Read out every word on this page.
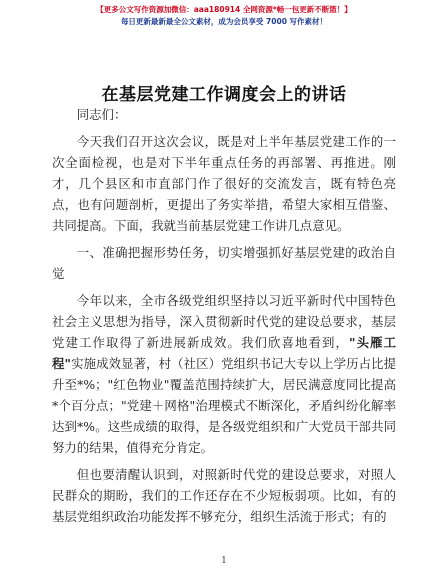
【更多公文写作资源加微信：aaa180914 全网资源*畅一包更新不断篮！】
每日更新最新最全公文素材，成为会员享受 7000 写作素材！
在基层党建工作调度会上的讲话

同志们：

今天我们召开这次会议，既是对上半年基层党建工作的一次全面检视，也是对下半年重点任务的再部署、再推进。刚才，几个县区和市直部门作了很好的交流发言，既有特色亮点，也有问题剖析，更提出了务实举措，希望大家相互借鉴、共同提高。下面，我就当前基层党建工作讲几点意见。

一、准确把握形势任务，切实增强抓好基层党建的政治自觉

今年以来，全市各级党组织坚持以习近平新时代中国特色社会主义思想为指导，深入贯彻新时代党的建设总要求，基层党建工作取得了新进展新成效。我们欣喜地看到，"头雁工程"实施成效显著，村（社区）党组织书记大专以上学历占比提升至*%；"红色物业"覆盖范围持续扩大，居民满意度同比提高*个百分点；"党建＋网格"治理模式不断深化，矛盾纠纷化解率达到*%。这些成绩的取得，是各级党组织和广大党员干部共同努力的结果，值得充分肯定。

但也要清醒认识到，对照新时代党的建设总要求，对照人民群众的期盼，我们的工作还存在不少短板弱项。比如，有的基层党组织政治功能发挥不够充分，组织生活流于形式；有的

1
